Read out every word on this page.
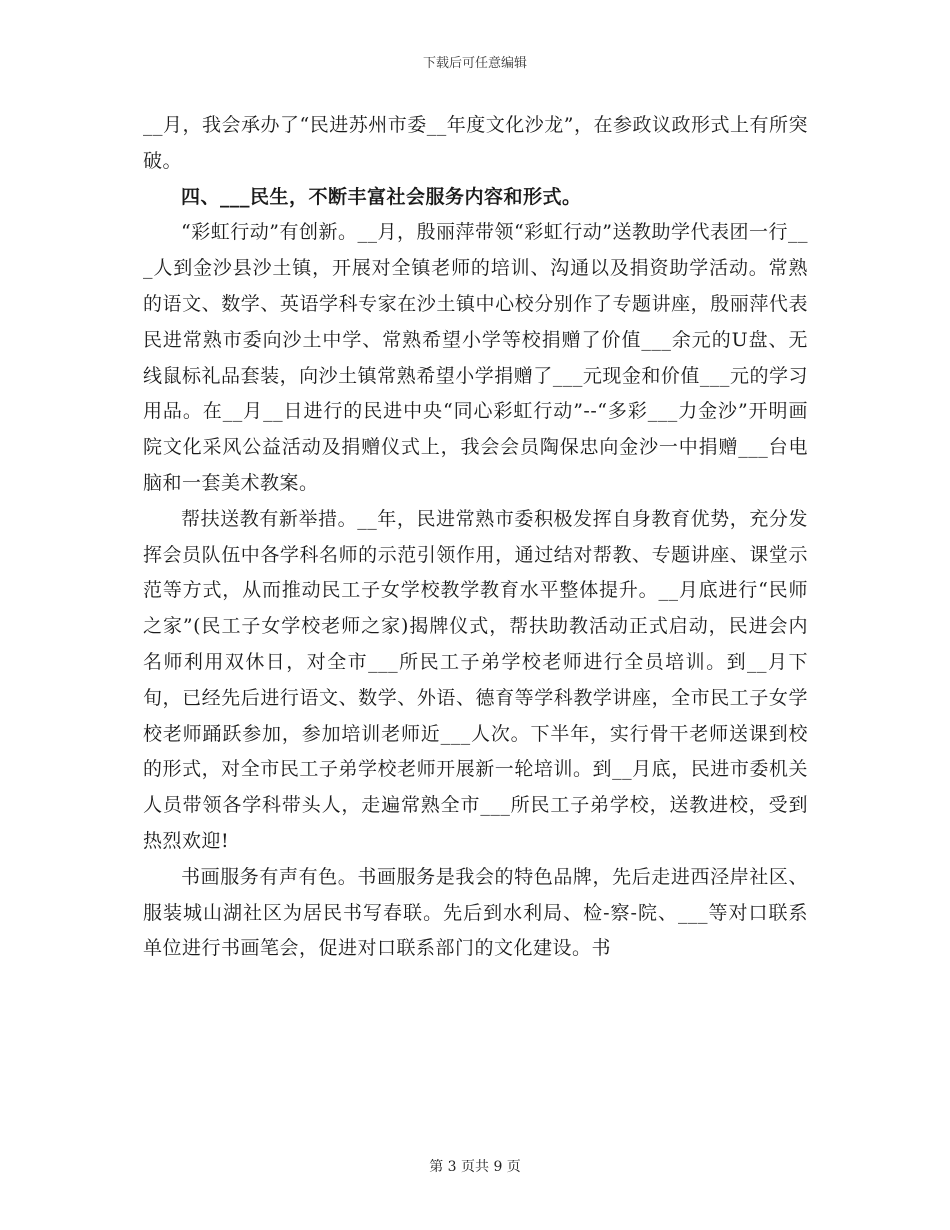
下载后可任意编辑

__月，我会承办了“民进苏州市委__年度文化沙龙”，在参政议政形式上有所突破。

四、___民生，不断丰富社会服务内容和形式。

“彩虹行动”有创新。__月，殷丽萍带领“彩虹行动”送教助学代表团一行___人到金沙县沙土镇，开展对全镇老师的培训、沟通以及捐资助学活动。常熟的语文、数学、英语学科专家在沙土镇中心校分别作了专题讲座，殷丽萍代表民进常熟市委向沙土中学、常熟希望小学等校捐赠了价值___余元的U盘、无线鼠标礼品套装，向沙土镇常熟希望小学捐赠了___元现金和价值___元的学习用品。在__月__日进行的民进中央“同心彩虹行动”--“多彩___力金沙”开明画院文化采风公益活动及捐赠仪式上，我会会员陶保忠向金沙一中捐赠___台电脑和一套美术教案。

帮扶送教有新举措。__年，民进常熟市委积极发挥自身教育优势，充分发挥会员队伍中各学科名师的示范引领作用，通过结对帮教、专题讲座、课堂示范等方式，从而推动民工子女学校教学教育水平整体提升。__月底进行“民师之家”(民工子女学校老师之家)揭牌仪式，帮扶助教活动正式启动，民进会内名师利用双休日，对全市___所民工子弟学校老师进行全员培训。到__月下旬，已经先后进行语文、数学、外语、德育等学科教学讲座，全市民工子女学校老师踊跃参加，参加培训老师近___人次。下半年，实行骨干老师送课到校的形式，对全市民工子弟学校老师开展新一轮培训。到__月底，民进市委机关人员带领各学科带头人，走遍常熟全市___所民工子弟学校，送教进校，受到热烈欢迎!

书画服务有声有色。书画服务是我会的特色品牌，先后走进西泾岸社区、服装城山湖社区为居民书写春联。先后到水利局、检-察-院、___等对口联系单位进行书画笔会，促进对口联系部门的文化建设。书

第 3 页共 9 页
